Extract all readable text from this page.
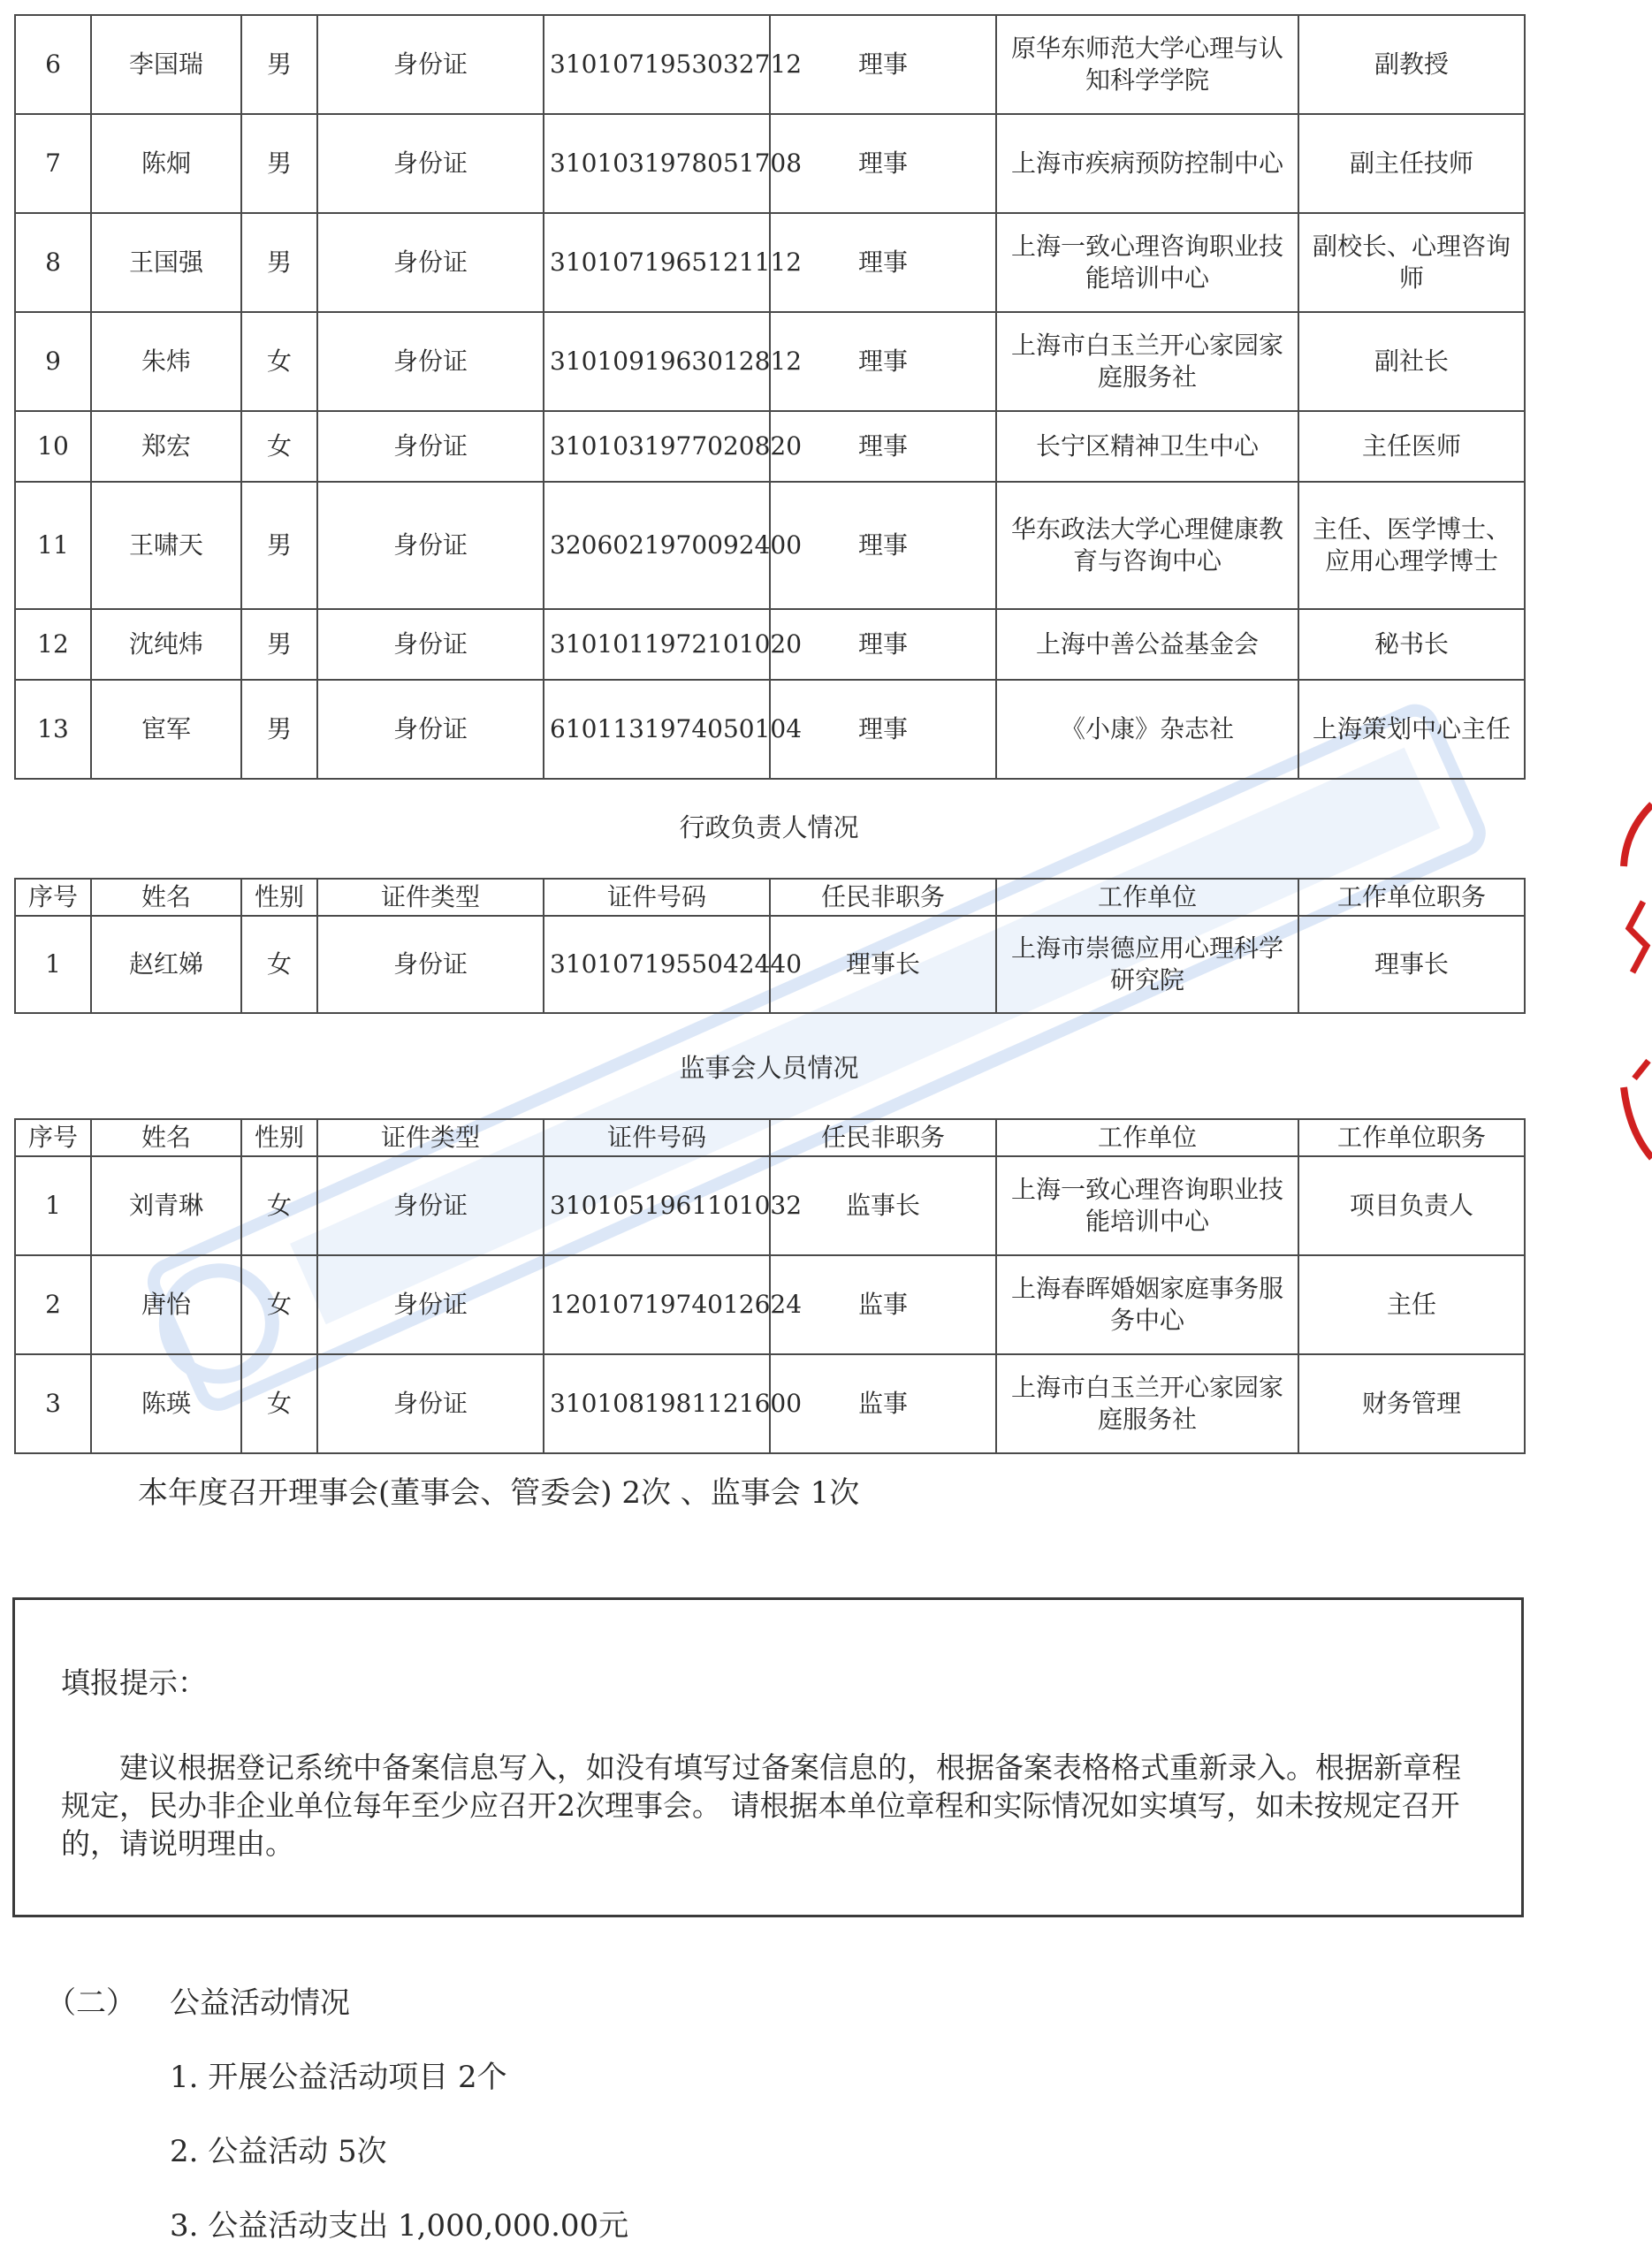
6	李国瑞	男	身份证	3101071953032712	理事	原华东师范大学心理与认知科学学院	副教授
7	陈炯	男	身份证	3101031978051708	理事	上海市疾病预防控制中心	副主任技师
8	王国强	男	身份证	3101071965121112	理事	上海一致心理咨询职业技能培训中心	副校长、心理咨询师
9	朱炜	女	身份证	3101091963012812	理事	上海市白玉兰开心家园家庭服务社	副社长
10	郑宏	女	身份证	3101031977020820	理事	长宁区精神卫生中心	主任医师
11	王啸天	男	身份证	3206021970092400	理事	华东政法大学心理健康教育与咨询中心	主任、医学博士、应用心理学博士
12	沈纯炜	男	身份证	3101011972101020	理事	上海中善公益基金会	秘书长
13	宦军	男	身份证	6101131974050104	理事	《小康》杂志社	上海策划中心主任
行政负责人情况
序号	姓名	性别	证件类型	证件号码	任民非职务	工作单位	工作单位职务
1	赵红娣	女	身份证	3101071955042440	理事长	上海市崇德应用心理科学研究院	理事长
监事会人员情况
序号	姓名	性别	证件类型	证件号码	任民非职务	工作单位	工作单位职务
1	刘青琳	女	身份证	3101051961101032	监事长	上海一致心理咨询职业技能培训中心	项目负责人
2	唐怡	女	身份证	1201071974012624	监事	上海春晖婚姻家庭事务服务中心	主任
3	陈瑛	女	身份证	3101081981121600	监事	上海市白玉兰开心家园家庭服务社	财务管理
本年度召开理事会(董事会、管委会) 2次 、监事会 1次
填报提示：
建议根据登记系统中备案信息写入，如没有填写过备案信息的，根据备案表格格式重新录入。根据新章程规定，民办非企业单位每年至少应召开2次理事会。 请根据本单位章程和实际情况如实填写，如未按规定召开的，请说明理由。
（二） 公益活动情况
1. 开展公益活动项目 2个
2. 公益活动 5次
3. 公益活动支出 1,000,000.00元
